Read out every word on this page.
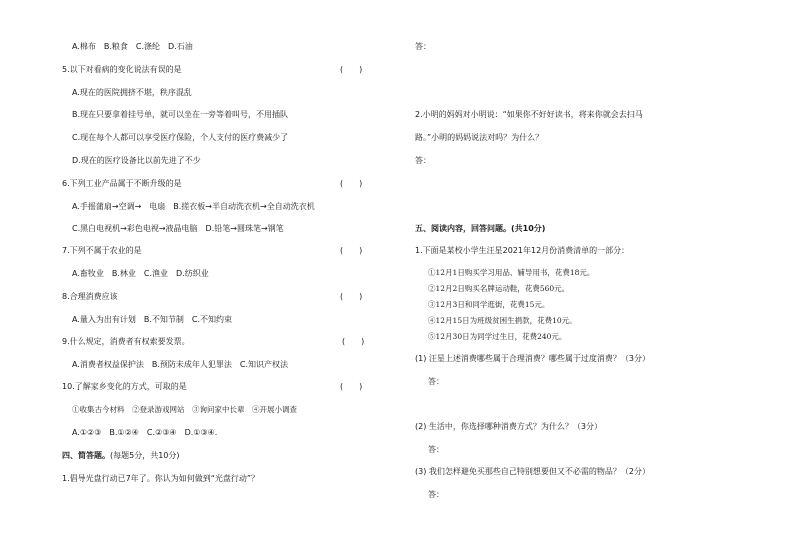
A.棉布　B.粮食　C.涤纶　D.石油
5.以下对看病的变化说法有误的是	(　　)
A.现在的医院拥挤不堪，秩序混乱
B.现在只要拿着挂号单，就可以坐在一旁等着叫号，不用插队
C.现在每个人都可以享受医疗保险，个人支付的医疗费减少了
D.现在的医疗设备比以前先进了不少
6.下列工业产品属于不断升级的是	(　　)
A.手摇蒲扇→空调→　电扇　B.搓衣板→半自动洗衣机→全自动洗衣机
C.黑白电视机→彩色电视→液晶电脑　D.铅笔→圆珠笔→钢笔
7.下列不属于农业的是	(　　)
A.畜牧业　B.林业　C.渔业　D.纺织业
8.合理消费应该	(　　)
A.量入为出有计划　B.不知节制　C.不知约束
9.什么规定，消费者有权索要发票。	(　　)
A.消费者权益保护法　B.预防未成年人犯罪法　C.知识产权法
10.了解家乡变化的方式，可取的是	(　　)
①收集古今材料　②登录游戏网站　③询问家中长辈　④开展小调查
A.①②③　B.①②④　C.②③④　D.①③④.
四、简答题。(每题5分，共10分)
1.倡导光盘行动已7年了。你认为如何做到“光盘行动”？
答：
2.小明的妈妈对小明说：“如果你不好好读书，将来你就会去扫马
路。”小明的妈妈说法对吗？为什么？
答：
五、阅读内容，回答问题。(共10分)
1.下面是某校小学生汪星2021年12月份消费清单的一部分：
①12月1日购买学习用品、辅导用书，花费18元。
②12月2日购买名牌运动鞋，花费560元。
③12月3日和同学逛街，花费15元。
④12月15日为班级贫困生捐款，花费10元。
⑤12月30日为同学过生日，花费240元。
(1) 汪星上述消费哪些属于合理消费？哪些属于过度消费？（3分）
答：
(2) 生活中，你选择哪种消费方式？为什么？（3分）
答：
(3) 我们怎样避免买那些自己特别想要但又不必需的物品？（2分）
答：
